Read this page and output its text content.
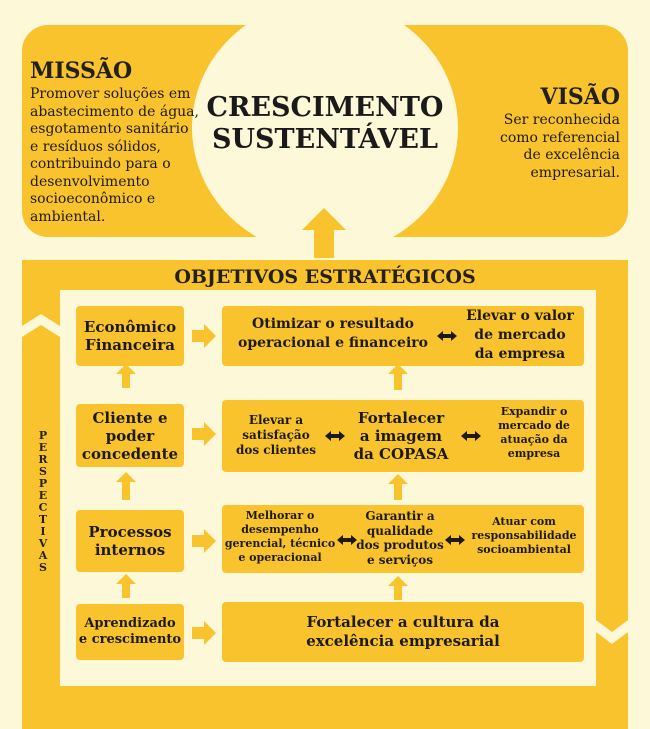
CRESCIMENTO
SUSTENTÁVEL
MISSÃO
Promover soluções em
abastecimento de água,
esgotamento sanitário
e resíduos sólidos,
contribuindo para o
desenvolvimento
socioeconômico e
ambiental.
VISÃO
Ser reconhecida
como referencial
de excelência
empresarial.
OBJETIVOS ESTRATÉGICOS
P
E
R
S
P
E
C
T
I
V
A
S
Econômico
Financeira
Cliente e
poder
concedente
Processos
internos
Aprendizado
e crescimento
Otimizar o resultado
operacional e financeiro
Elevar o valor
de mercado
da empresa
Elevar a
satisfação
dos clientes
Fortalecer
a imagem
da COPASA
Expandir o
mercado de
atuação da
empresa
Melhorar o
desempenho
gerencial, técnico
e operacional
Garantir a
qualidade
dos produtos
e serviços
Atuar com
responsabilidade
socioambiental
Fortalecer a cultura da
excelência empresarial
